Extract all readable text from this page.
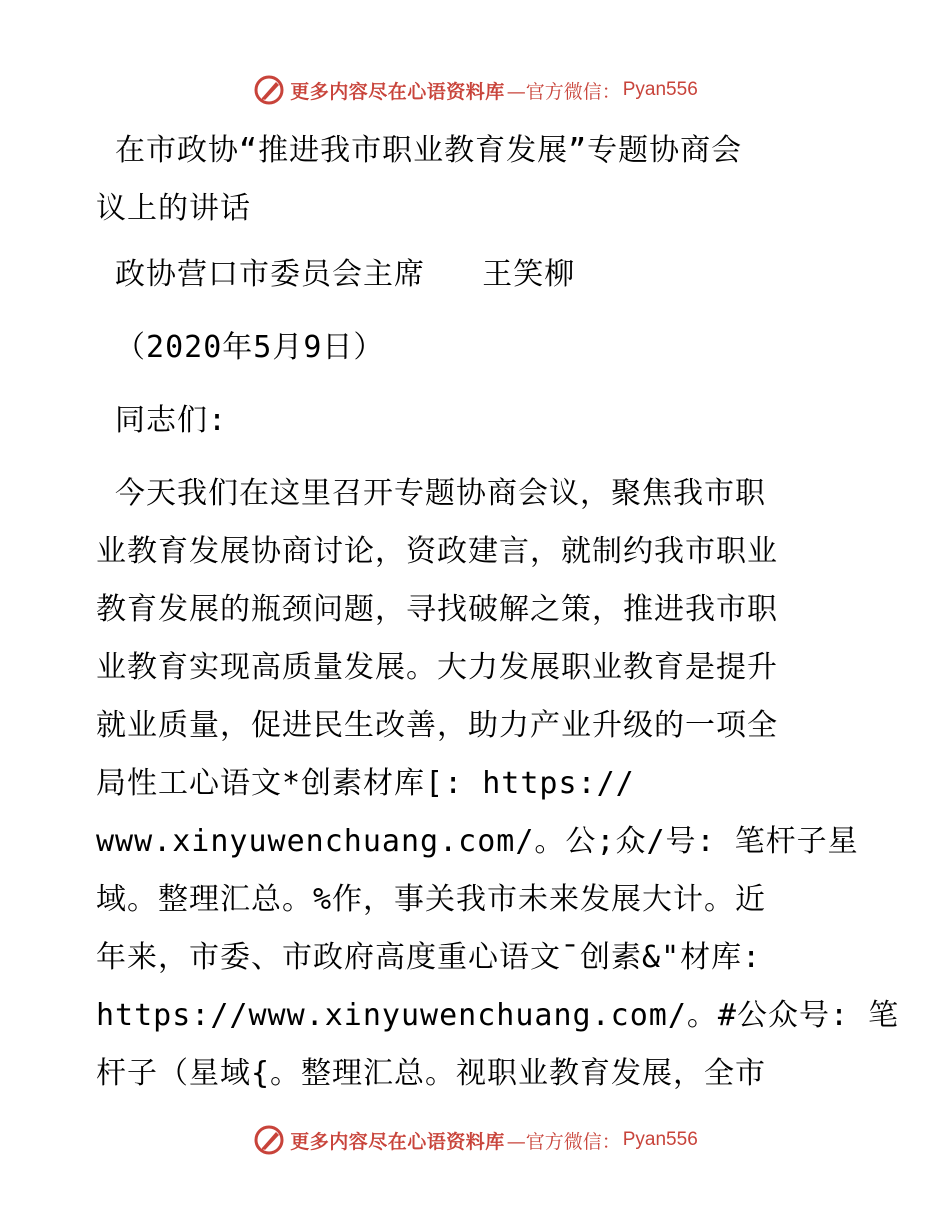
更多内容尽在心语资料库 —官方微信： Pyan556
在市政协“推进我市职业教育发展”专题协商会
议上的讲话
政协营口市委员会主席   王笑柳
（2020年5月9日）
同志们:
今天我们在这里召开专题协商会议，聚焦我市职
业教育发展协商讨论，资政建言，就制约我市职业
教育发展的瓶颈问题，寻找破解之策，推进我市职
业教育实现高质量发展。大力发展职业教育是提升
就业质量，促进民生改善，助力产业升级的一项全
局性工心语文*创素材库[: https://
www.xinyuwenchuang.com/。公;众/号: 笔杆子星
域。整理汇总。%作，事关我市未来发展大计。近
年来，市委、市政府高度重心语文¯创素&"材库:
https://www.xinyuwenchuang.com/。#公众号: 笔
杆子（星域{。整理汇总。视职业教育发展，全市
更多内容尽在心语资料库 —官方微信： Pyan556
